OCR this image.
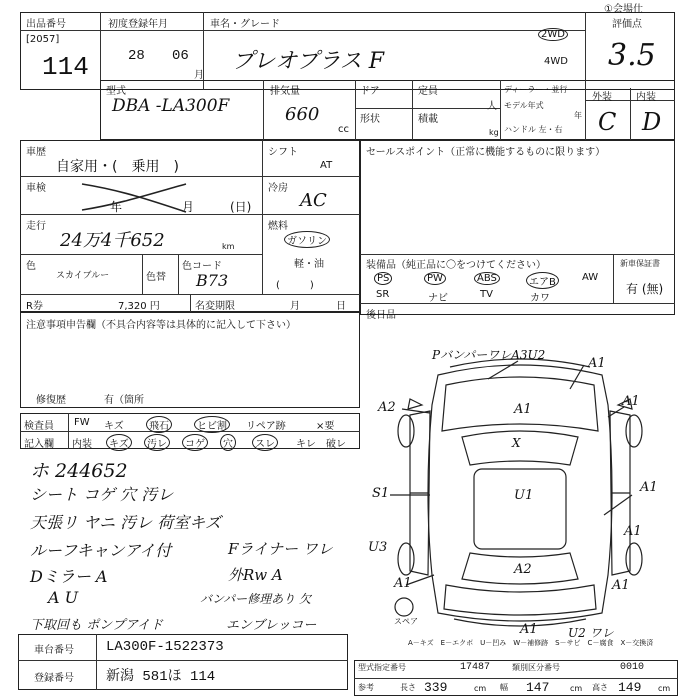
出品番号
[2057]
114
初度登録年月
28 06
月
車名・グレード
プレオプラス F
2WD
4WD
①会場仕
評価点
3.5
型式
DBA -LA300F
排気量
660
cc
ドア
形状
定員
人
積載
kg
ディーラー・並行
モデル年式
年
ハンドル 左・右
外装 内装
C D
車歴
自家用・(　乗用　)
シフト
AT
車検
年	月	(日)
冷房
AC
走行
24万4千652	km
燃料
ガソリン
軽・油
(　　　)
色
スカイブルー	色替
色コード
B73
R券	7,320 円	名変期限	月	日
セールスポイント（正常に機能するものに限ります）
装備品（純正品に〇をつけてください）	新車保証書
PS	PW	ABS	エアB	AW
SR	ナビ	TV	カワ
有 (無)
後日品
注意事項申告欄（不具合内容等は具体的に記入して下さい）
修復歴	有（箇所
検査員
記入欄
FW キズ	飛石	ヒビ割	リペア跡	×要
内装	キズ	汚レ	コゲ	穴	スレ	キレ 破レ
ホ 244652
シート コゲ 穴 汚レ
天張リ ヤニ 汚レ 荷室キズ
ルーフキャンアイ付	Fライナー ワレ
Dミラー A	外Rw A
A U	バンパー修理あり 欠
下取回も ポンプアイド	エンブレッコー
PバンパーワレA3U2
A1
A2	A1
A1
A1
X
S1	U1
A1
U3
A2
A1	A1
U2 ワレ
A1
スペア
A－キズ　E－エクボ　U－凹み　W－補修跡　S－サビ　C－腐食　X－交換済
車台番号 LA300F-1522373
登録番号 新潟 581ほ 114
型式指定番号	17487	類別区分番号	0010
参考	長さ 339	cm 幅 147	cm 高さ 149 cm
